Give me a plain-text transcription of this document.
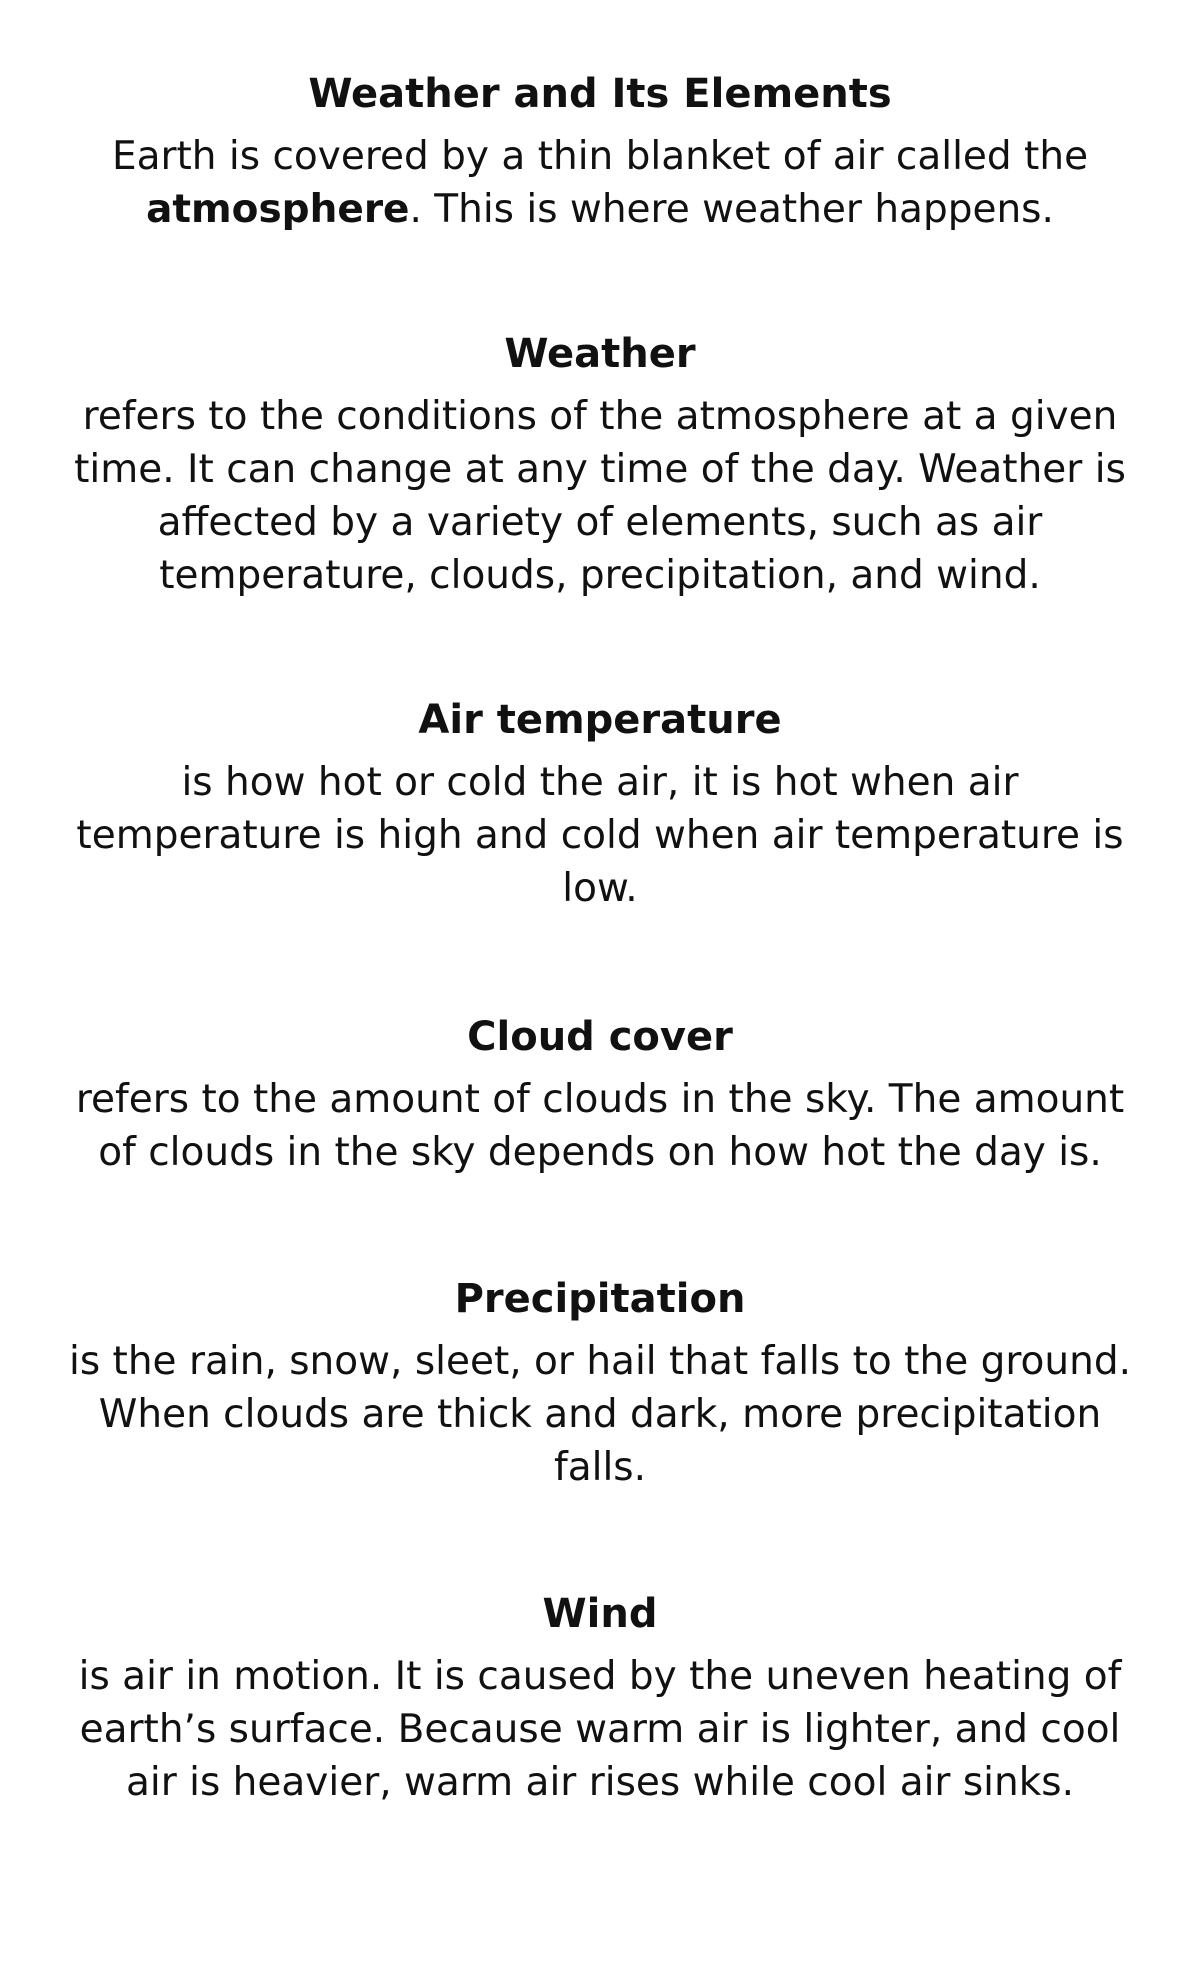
Weather and Its Elements

Earth is covered by a thin blanket of air called the atmosphere. This is where weather happens.

Weather

refers to the conditions of the atmosphere at a given time. It can change at any time of the day. Weather is affected by a variety of elements, such as air temperature, clouds, precipitation, and wind.

Air temperature

is how hot or cold the air, it is hot when air temperature is high and cold when air temperature is low.

Cloud cover

refers to the amount of clouds in the sky. The amount of clouds in the sky depends on how hot the day is.

Precipitation

is the rain, snow, sleet, or hail that falls to the ground. When clouds are thick and dark, more precipitation falls.

Wind

is air in motion. It is caused by the uneven heating of earth’s surface. Because warm air is lighter, and cool air is heavier, warm air rises while cool air sinks.
